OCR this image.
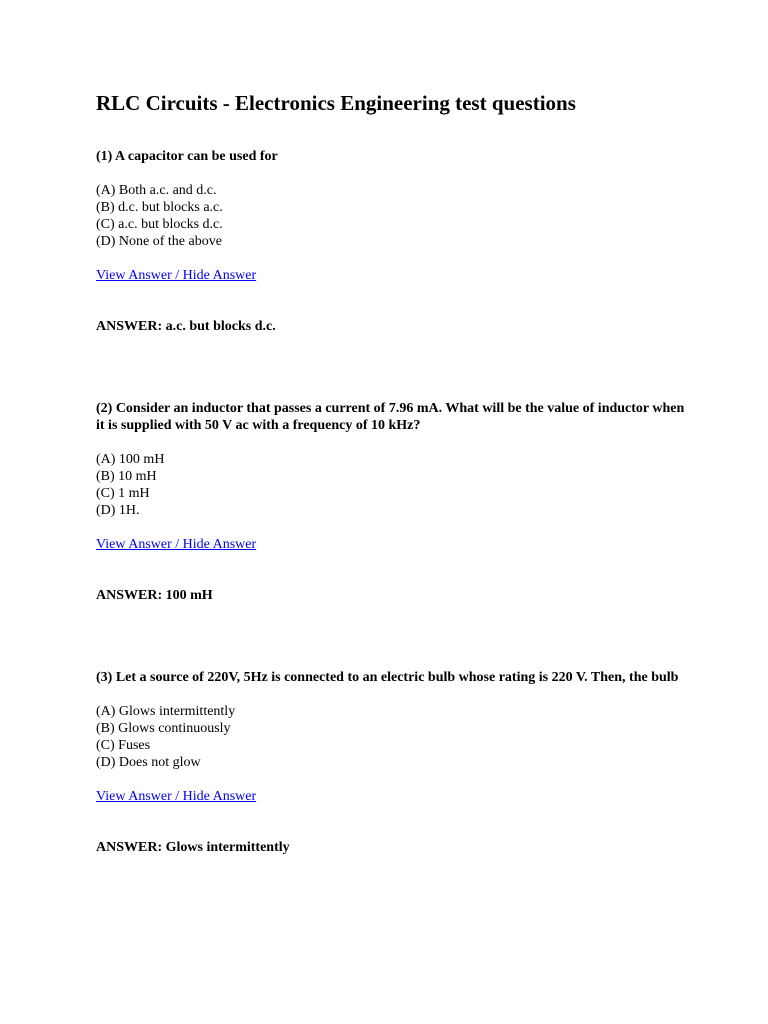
RLC Circuits - Electronics Engineering test questions

(1) A capacitor can be used for

(A) Both a.c. and d.c.
(B) d.c. but blocks a.c.
(C) a.c. but blocks d.c.
(D) None of the above
View Answer / Hide Answer

ANSWER: a.c. but blocks d.c.

(2) Consider an inductor that passes a current of 7.96 mA. What will be the value of inductor when it is supplied with 50 V ac with a frequency of 10 kHz?

(A) 100 mH
(B) 10 mH
(C) 1 mH
(D) 1H.
View Answer / Hide Answer

ANSWER: 100 mH

(3) Let a source of 220V, 5Hz is connected to an electric bulb whose rating is 220 V. Then, the bulb

(A) Glows intermittently
(B) Glows continuously
(C) Fuses
(D) Does not glow
View Answer / Hide Answer

ANSWER: Glows intermittently
